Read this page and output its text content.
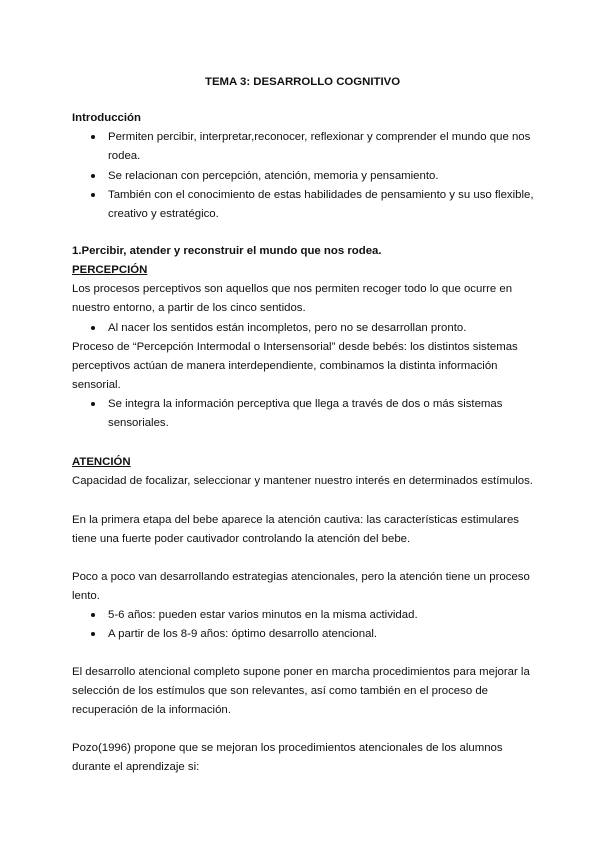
TEMA 3: DESARROLLO COGNITIVO
Introducción
Permiten percibir, interpretar,reconocer, reflexionar y comprender el mundo que nos
rodea.
Se relacionan con percepción, atención, memoria y pensamiento.
También con el conocimiento de estas habilidades de pensamiento y su uso flexible,
creativo y estratégico.
1.Percibir, atender y reconstruir el mundo que nos rodea.
PERCEPCIÓN
Los procesos perceptivos son aquellos que nos permiten recoger todo lo que ocurre en
nuestro entorno, a partir de los cinco sentidos.
Al nacer los sentidos están incompletos, pero no se desarrollan pronto.
Proceso de “Percepción Intermodal o Intersensorial” desde bebés: los distintos sistemas
perceptivos actúan de manera interdependiente, combinamos la distinta información
sensorial.
Se integra la información perceptiva que llega a través de dos o más sistemas
sensoriales.
ATENCIÓN
Capacidad de focalizar, seleccionar y mantener nuestro interés en determinados estímulos.
En la primera etapa del bebe aparece la atención cautiva: las características estimulares
tiene una fuerte poder cautivador controlando la atención del bebe.
Poco a poco van desarrollando estrategias atencionales, pero la atención tiene un proceso
lento.
5-6 años: pueden estar varios minutos en la misma actividad.
A partir de los 8-9 años: óptimo desarrollo atencional.
El desarrollo atencional completo supone poner en marcha procedimientos para mejorar la
selección de los estímulos que son relevantes, así como también en el proceso de
recuperación de la información.
Pozo(1996) propone que se mejoran los procedimientos atencionales de los alumnos
durante el aprendizaje si:
